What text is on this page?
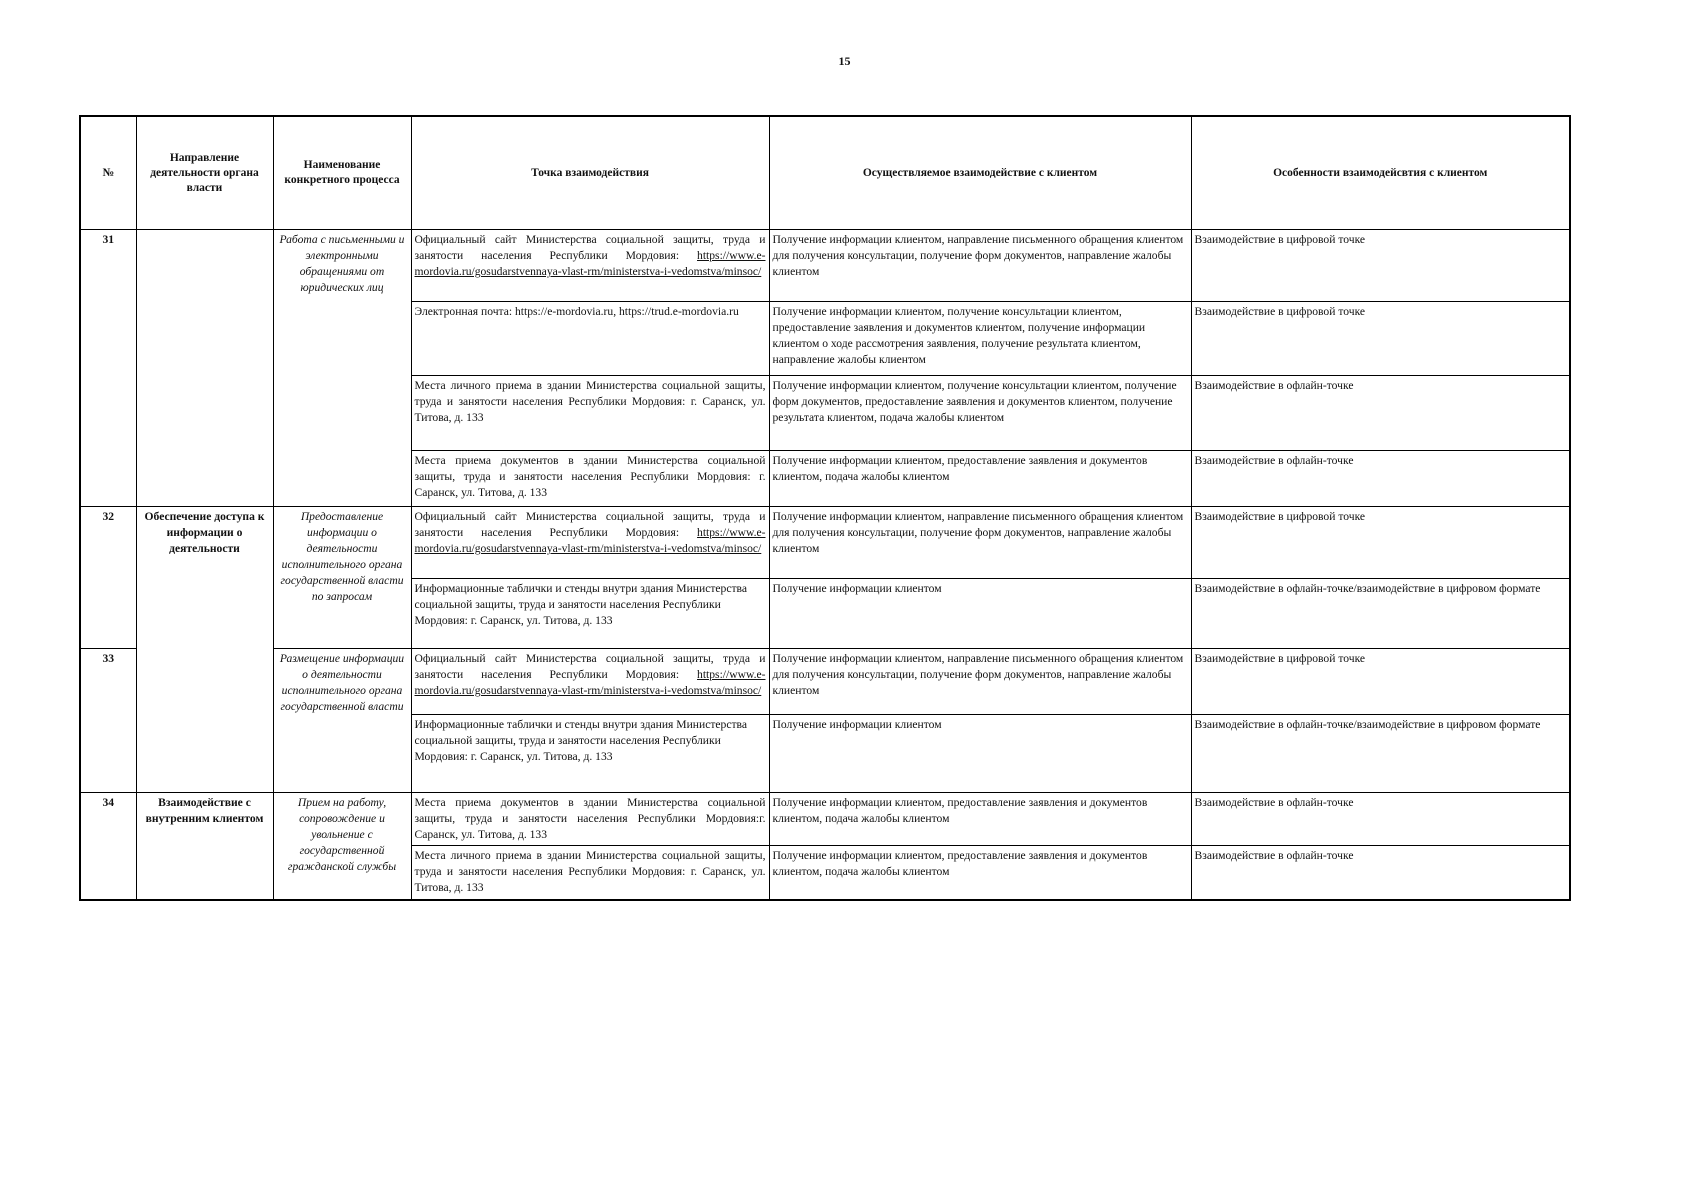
15
№	Направление деятельности органа власти	Наименование конкретного процесса	Точка взаимодействия	Осуществляемое взаимодействие с клиентом	Особенности взаимодейсвтия с клиентом
31		Работа с письменными и электронными обращениями от юридических лиц	Официальный сайт Министерства социальной защиты, труда и занятости населения Республики Мордовия: https://www.e-mordovia.ru/gosudarstvennaya-vlast-rm/ministerstva-i-vedomstva/minsoc/	Получение информации клиентом, направление письменного обращения клиентом для получения консультации, получение форм документов, направление жалобы клиентом	Взаимодействие в цифровой точке
			Электронная почта: https://e-mordovia.ru, https://trud.e-mordovia.ru	Получение информации клиентом, получение консультации клиентом, предоставление заявления и документов клиентом, получение информации клиентом о ходе рассмотрения заявления, получение результата клиентом, направление жалобы клиентом	Взаимодействие в цифровой точке
			Места личного приема в здании Министерства социальной защиты, труда и занятости населения Республики Мордовия: г. Саранск, ул. Титова, д. 133	Получение информации клиентом, получение консультации клиентом, получение форм документов, предоставление заявления и документов клиентом, получение результата клиентом, подача жалобы клиентом	Взаимодействие в офлайн-точке
			Места приема документов в здании Министерства социальной защиты, труда и занятости населения Республики Мордовия: г. Саранск, ул. Титова, д. 133	Получение информации клиентом, предоставление заявления и документов клиентом, подача жалобы клиентом	Взаимодействие в офлайн-точке
32	Обеспечение доступа к информации о деятельности	Предоставление информации о деятельности исполнительного органа государственной власти по запросам	Официальный сайт Министерства социальной защиты, труда и занятости населения Республики Мордовия: https://www.e-mordovia.ru/gosudarstvennaya-vlast-rm/ministerstva-i-vedomstva/minsoc/	Получение информации клиентом, направление письменного обращения клиентом для получения консультации, получение форм документов, направление жалобы клиентом	Взаимодействие в цифровой точке
			Информационные таблички и стенды внутри здания Министерства социальной защиты, труда и занятости населения Республики Мордовия: г. Саранск, ул. Титова, д. 133	Получение информации клиентом	Взаимодействие в офлайн-точке/взаимодействие в цифровом формате
33		Размещение информации о деятельности исполнительного органа государственной власти	Официальный сайт Министерства социальной защиты, труда и занятости населения Республики Мордовия: https://www.e-mordovia.ru/gosudarstvennaya-vlast-rm/ministerstva-i-vedomstva/minsoc/	Получение информации клиентом, направление письменного обращения клиентом для получения консультации, получение форм документов, направление жалобы клиентом	Взаимодействие в цифровой точке
			Информационные таблички и стенды внутри здания Министерства социальной защиты, труда и занятости населения Республики Мордовия: г. Саранск, ул. Титова, д. 133	Получение информации клиентом	Взаимодействие в офлайн-точке/взаимодействие в цифровом формате
34	Взаимодействие с внутренним клиентом	Прием на работу, сопровождение и увольнение с государственной гражданской службы	Места приема документов в здании Министерства социальной защиты, труда и занятости населения Республики Мордовия:г. Саранск, ул. Титова, д. 133	Получение информации клиентом, предоставление заявления и документов клиентом, подача жалобы клиентом	Взаимодействие в офлайн-точке
			Места личного приема в здании Министерства социальной защиты, труда и занятости населения Республики Мордовия: г. Саранск, ул. Титова, д. 133	Получение информации клиентом, предоставление заявления и документов клиентом, подача жалобы клиентом	Взаимодействие в офлайн-точке
